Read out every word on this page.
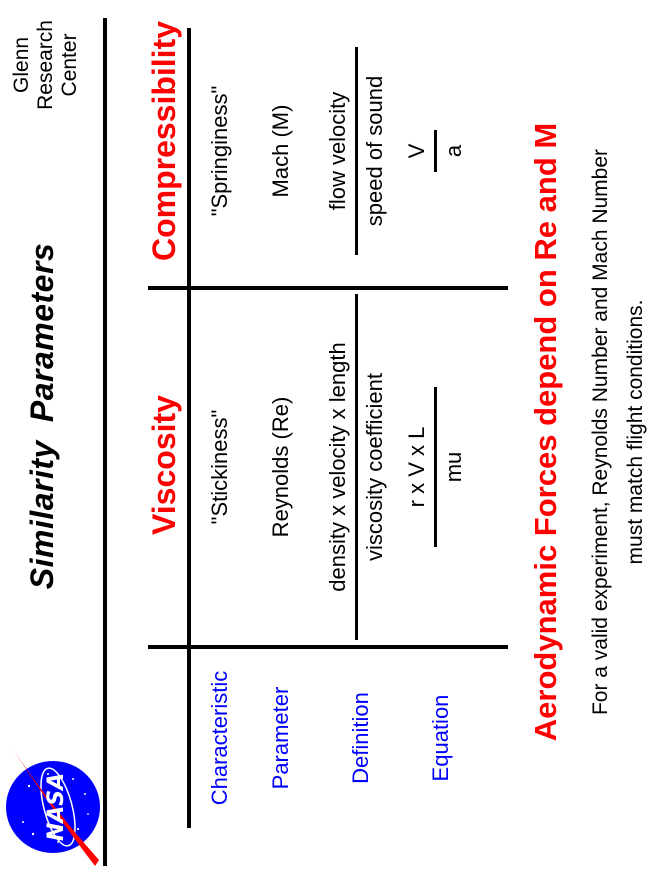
NASA
SimilarityParameters
Glenn Research Center
Viscosity
Compressibility
Characteristic Parameter	Definition	Equation
"Stickiness"
"Springiness"
Reynolds (Re)
Mach (M)
density x velocity x length viscosity coefficient
flow velocity speed of sound
r x V x L mu
V a Aerodynamic Forces depend on Re and M For a valid experiment, Reynolds Number and Mach Number must match flight conditions.
